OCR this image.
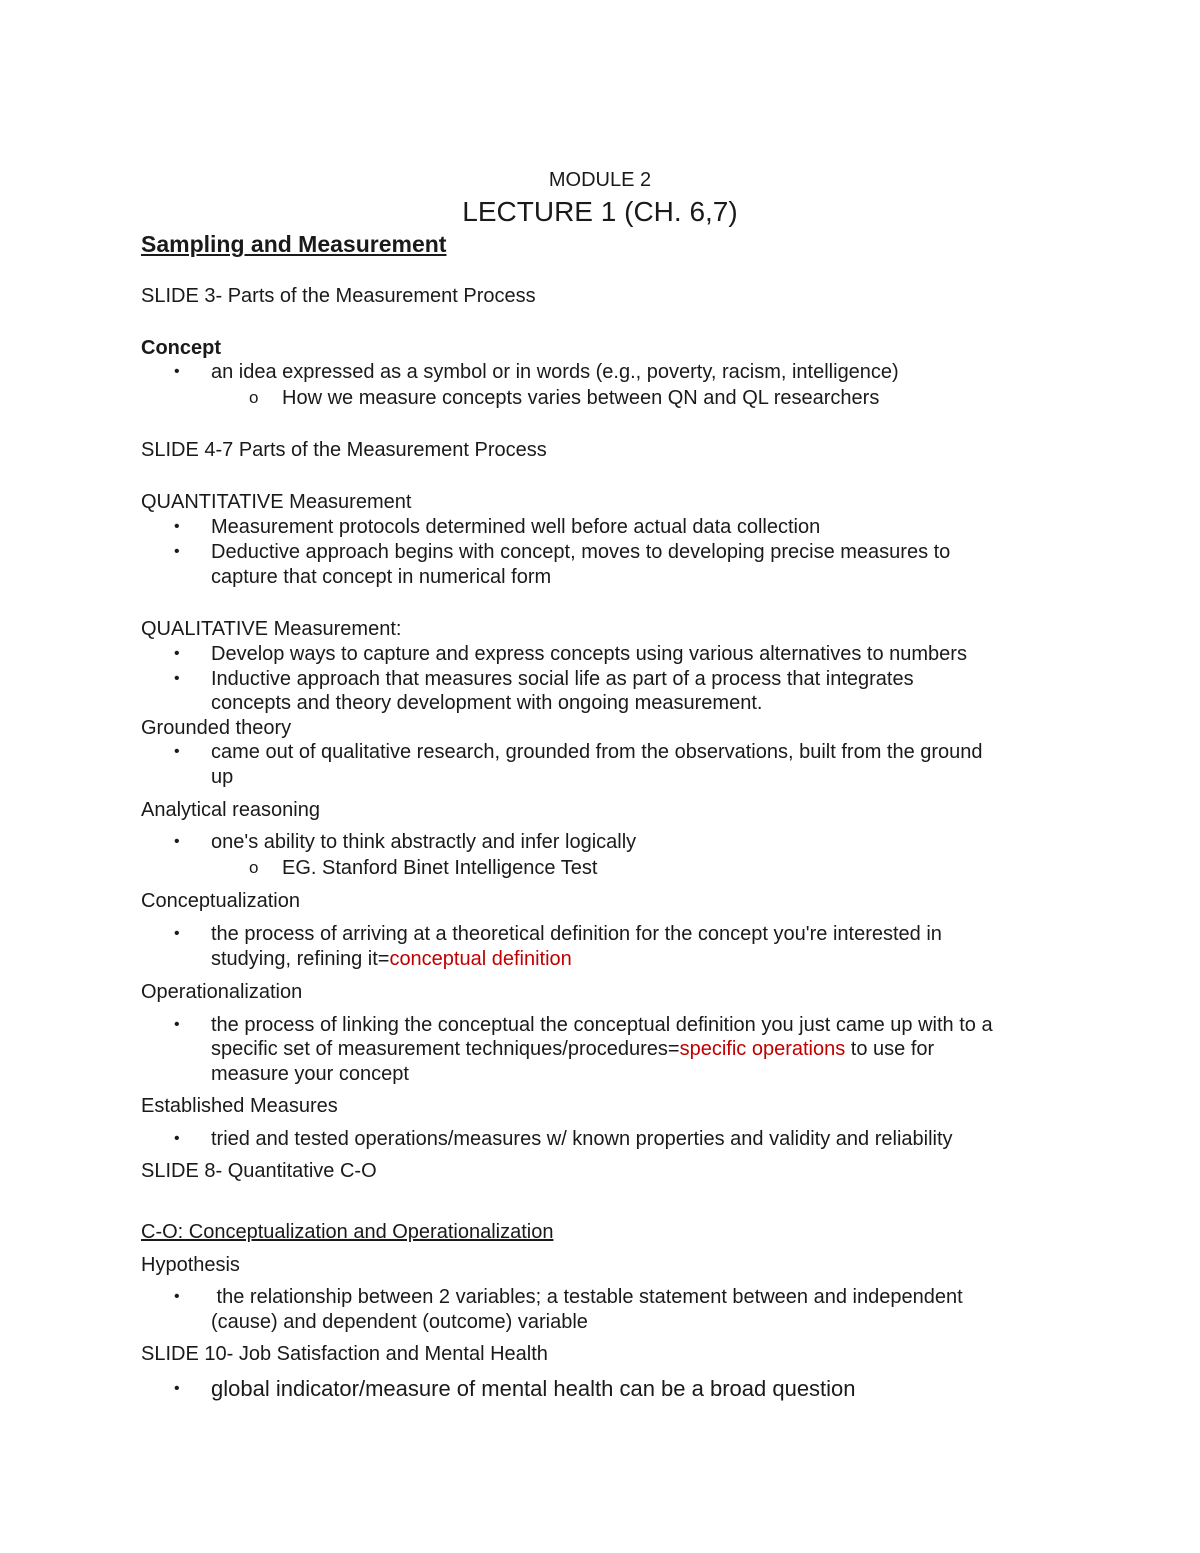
MODULE 2
LECTURE 1 (CH. 6,7)
Sampling and Measurement
SLIDE 3- Parts of the Measurement Process
Concept
• an idea expressed as a symbol or in words (e.g., poverty, racism, intelligence)
o How we measure concepts varies between QN and QL researchers
SLIDE 4-7 Parts of the Measurement Process
QUANTITATIVE Measurement
• Measurement protocols determined well before actual data collection
• Deductive approach begins with concept, moves to developing precise measures to
capture that concept in numerical form
QUALITATIVE Measurement:
• Develop ways to capture and express concepts using various alternatives to numbers
• Inductive approach that measures social life as part of a process that integrates
concepts and theory development with ongoing measurement.
Grounded theory
• came out of qualitative research, grounded from the observations, built from the ground
up
Analytical reasoning
• one's ability to think abstractly and infer logically
o EG. Stanford Binet Intelligence Test
Conceptualization
• the process of arriving at a theoretical definition for the concept you're interested in
studying, refining it=conceptual definition
Operationalization
• the process of linking the conceptual the conceptual definition you just came up with to a
specific set of measurement techniques/procedures=specific operations to use for
measure your concept
Established Measures
• tried and tested operations/measures w/ known properties and validity and reliability
SLIDE 8- Quantitative C-O
C-O: Conceptualization and Operationalization
Hypothesis
• the relationship between 2 variables; a testable statement between and independent
(cause) and dependent (outcome) variable
SLIDE 10- Job Satisfaction and Mental Health
• global indicator/measure of mental health can be a broad question
